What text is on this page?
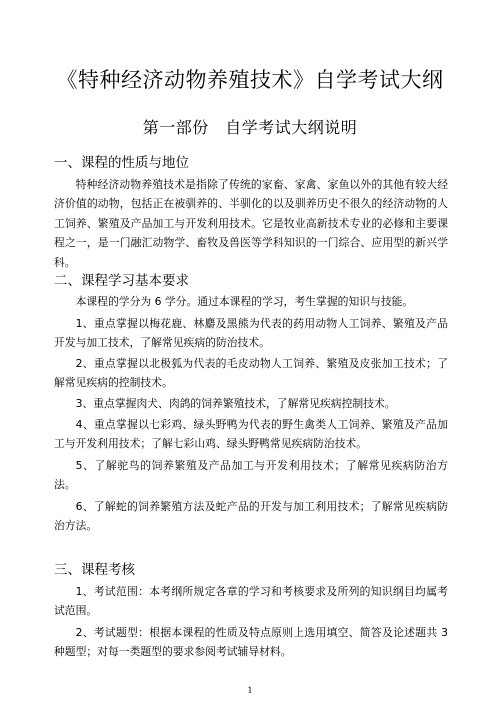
《特种经济动物养殖技术》自学考试大纲
第一部份　自学考试大纲说明
一、课程的性质与地位
特种经济动物养殖技术是指除了传统的家畜、家禽、家鱼以外的其他有较大经济价值的动物，包括正在被驯养的、半驯化的以及驯养历史不很久的经济动物的人工饲养、繁殖及产品加工与开发利用技术。它是牧业高新技术专业的必修和主要课程之一，是一门融汇动物学、畜牧及兽医等学科知识的一门综合、应用型的新兴学科。
二、课程学习基本要求
本课程的学分为 6 学分。通过本课程的学习，考生掌握的知识与技能。
1、重点掌握以梅花鹿、林麝及黑熊为代表的药用动物人工饲养、繁殖及产品开发与加工技术，了解常见疾病的防治技术。
2、重点掌握以北极狐为代表的毛皮动物人工饲养、繁殖及皮张加工技术；了解常见疾病的控制技术。
3、重点掌握肉犬、肉鸽的饲养繁殖技术，了解常见疾病控制技术。
4、重点掌握以七彩鸡、绿头野鸭为代表的野生禽类人工饲养、繁殖及产品加工与开发利用技术；了解七彩山鸡、绿头野鸭常见疾病防治技术。
5、了解驼鸟的饲养繁殖及产品加工与开发利用技术；了解常见疾病防治方法。
6、了解蛇的饲养繁殖方法及蛇产品的开发与加工利用技术；了解常见疾病防治方法。
三、课程考核
1、考试范围：本考纲所规定各章的学习和考核要求及所列的知识纲目均属考试范围。
2、考试题型：根据本课程的性质及特点原则上选用填空、简答及论述题共 3 种题型；对每一类题型的要求参阅考试辅导材料。
1
